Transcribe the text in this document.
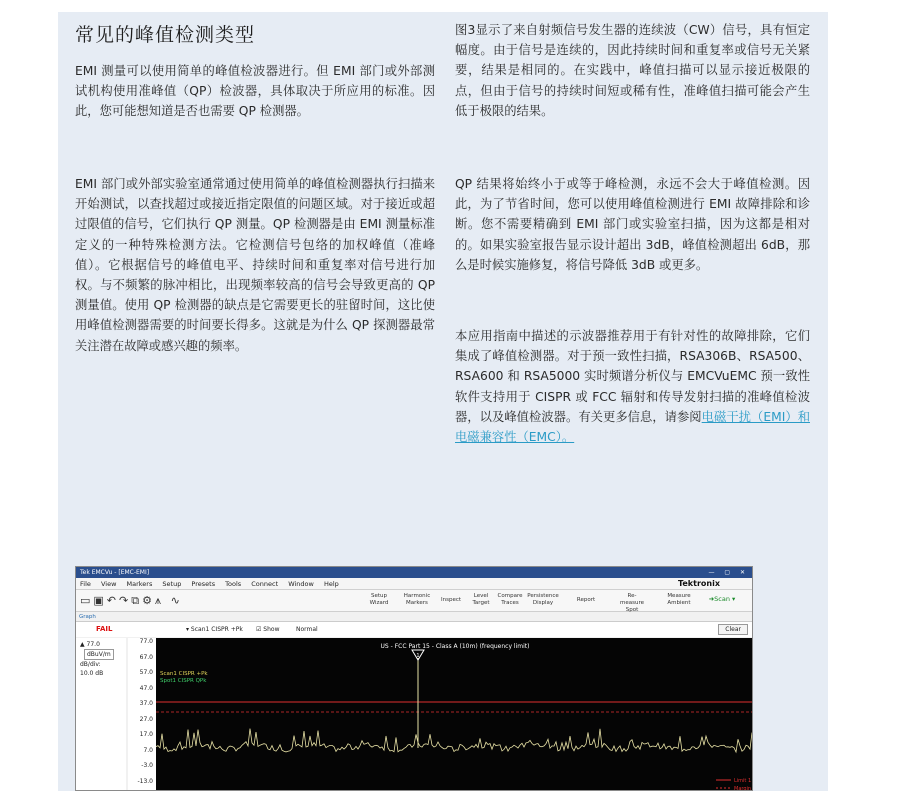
常见的峰值检测类型
EMI 测量可以使用简单的峰值检波器进行。但 EMI 部门或外部测试机构使用准峰值（QP）检波器，具体取决于所应用的标准。因此，您可能想知道是否也需要 QP 检测器。
EMI 部门或外部实验室通常通过使用简单的峰值检测器执行扫描来开始测试，以查找超过或接近指定限值的问题区域。对于接近或超过限值的信号，它们执行 QP 测量。QP 检测器是由 EMI 测量标准定义的一种特殊检测方法。它检测信号包络的加权峰值（准峰值）。它根据信号的峰值电平、持续时间和重复率对信号进行加权。与不频繁的脉冲相比，出现频率较高的信号会导致更高的 QP 测量值。使用 QP 检测器的缺点是它需要更长的驻留时间，这比使用峰值检测器需要的时间要长得多。这就是为什么 QP 探测器最常关注潜在故障或感兴趣的频率。
图3显示了来自射频信号发生器的连续波（CW）信号，具有恒定幅度。由于信号是连续的，因此持续时间和重复率或信号无关紧要，结果是相同的。在实践中，峰值扫描可以显示接近极限的点，但由于信号的持续时间短或稀有性，准峰值扫描可能会产生低于极限的结果。
QP 结果将始终小于或等于峰检测，永远不会大于峰值检测。因此，为了节省时间，您可以使用峰值检测进行 EMI 故障排除和诊断。您不需要精确到 EMI 部门或实验室扫描，因为这都是相对的。如果实验室报告显示设计超出 3dB，峰值检测超出 6dB，那么是时候实施修复，将信号降低 3dB 或更多。
本应用指南中描述的示波器推荐用于有针对性的故障排除，它们集成了峰值检测器。对于预一致性扫描，RSA306B、RSA500、RSA600 和 RSA5000 实时频谱分析仪与 EMCVuEMC 预一致性软件支持用于 CISPR 或 FCC 辐射和传导发射扫描的准峰值检波器，以及峰值检波器。有关更多信息，请参阅电磁干扰（EMI）和电磁兼容性（EMC）。
Tek EMCVu - [EMC-EMI]	— ▢ ✕
File View Markers Setup Presets Tools Connect Window Help	Tektronix
▭▣↶↷⧉⚙⩚ ∿	Setup Wizard
Harmonic Markers	Inspect
Level Target
Compare Traces
Persistence Display	Report
Re-measure Spot
Measure Ambient	➜Scan ▾
Graph
FAIL	▾ Scan1 CISPR +Pk ☑ Show	Normal	Clear
▲ 77.0
dBuV/m
dB/div:
10.0 dB
77.0
67.0
57.0
47.0
37.0
27.0
17.0
7.0
-3.0
-13.0
US - FCC Part 15 - Class A (10m) (frequency limit)
Scan1 CISPR +Pk
Spot1 CISPR QPk
1
Limit 1
Margin
